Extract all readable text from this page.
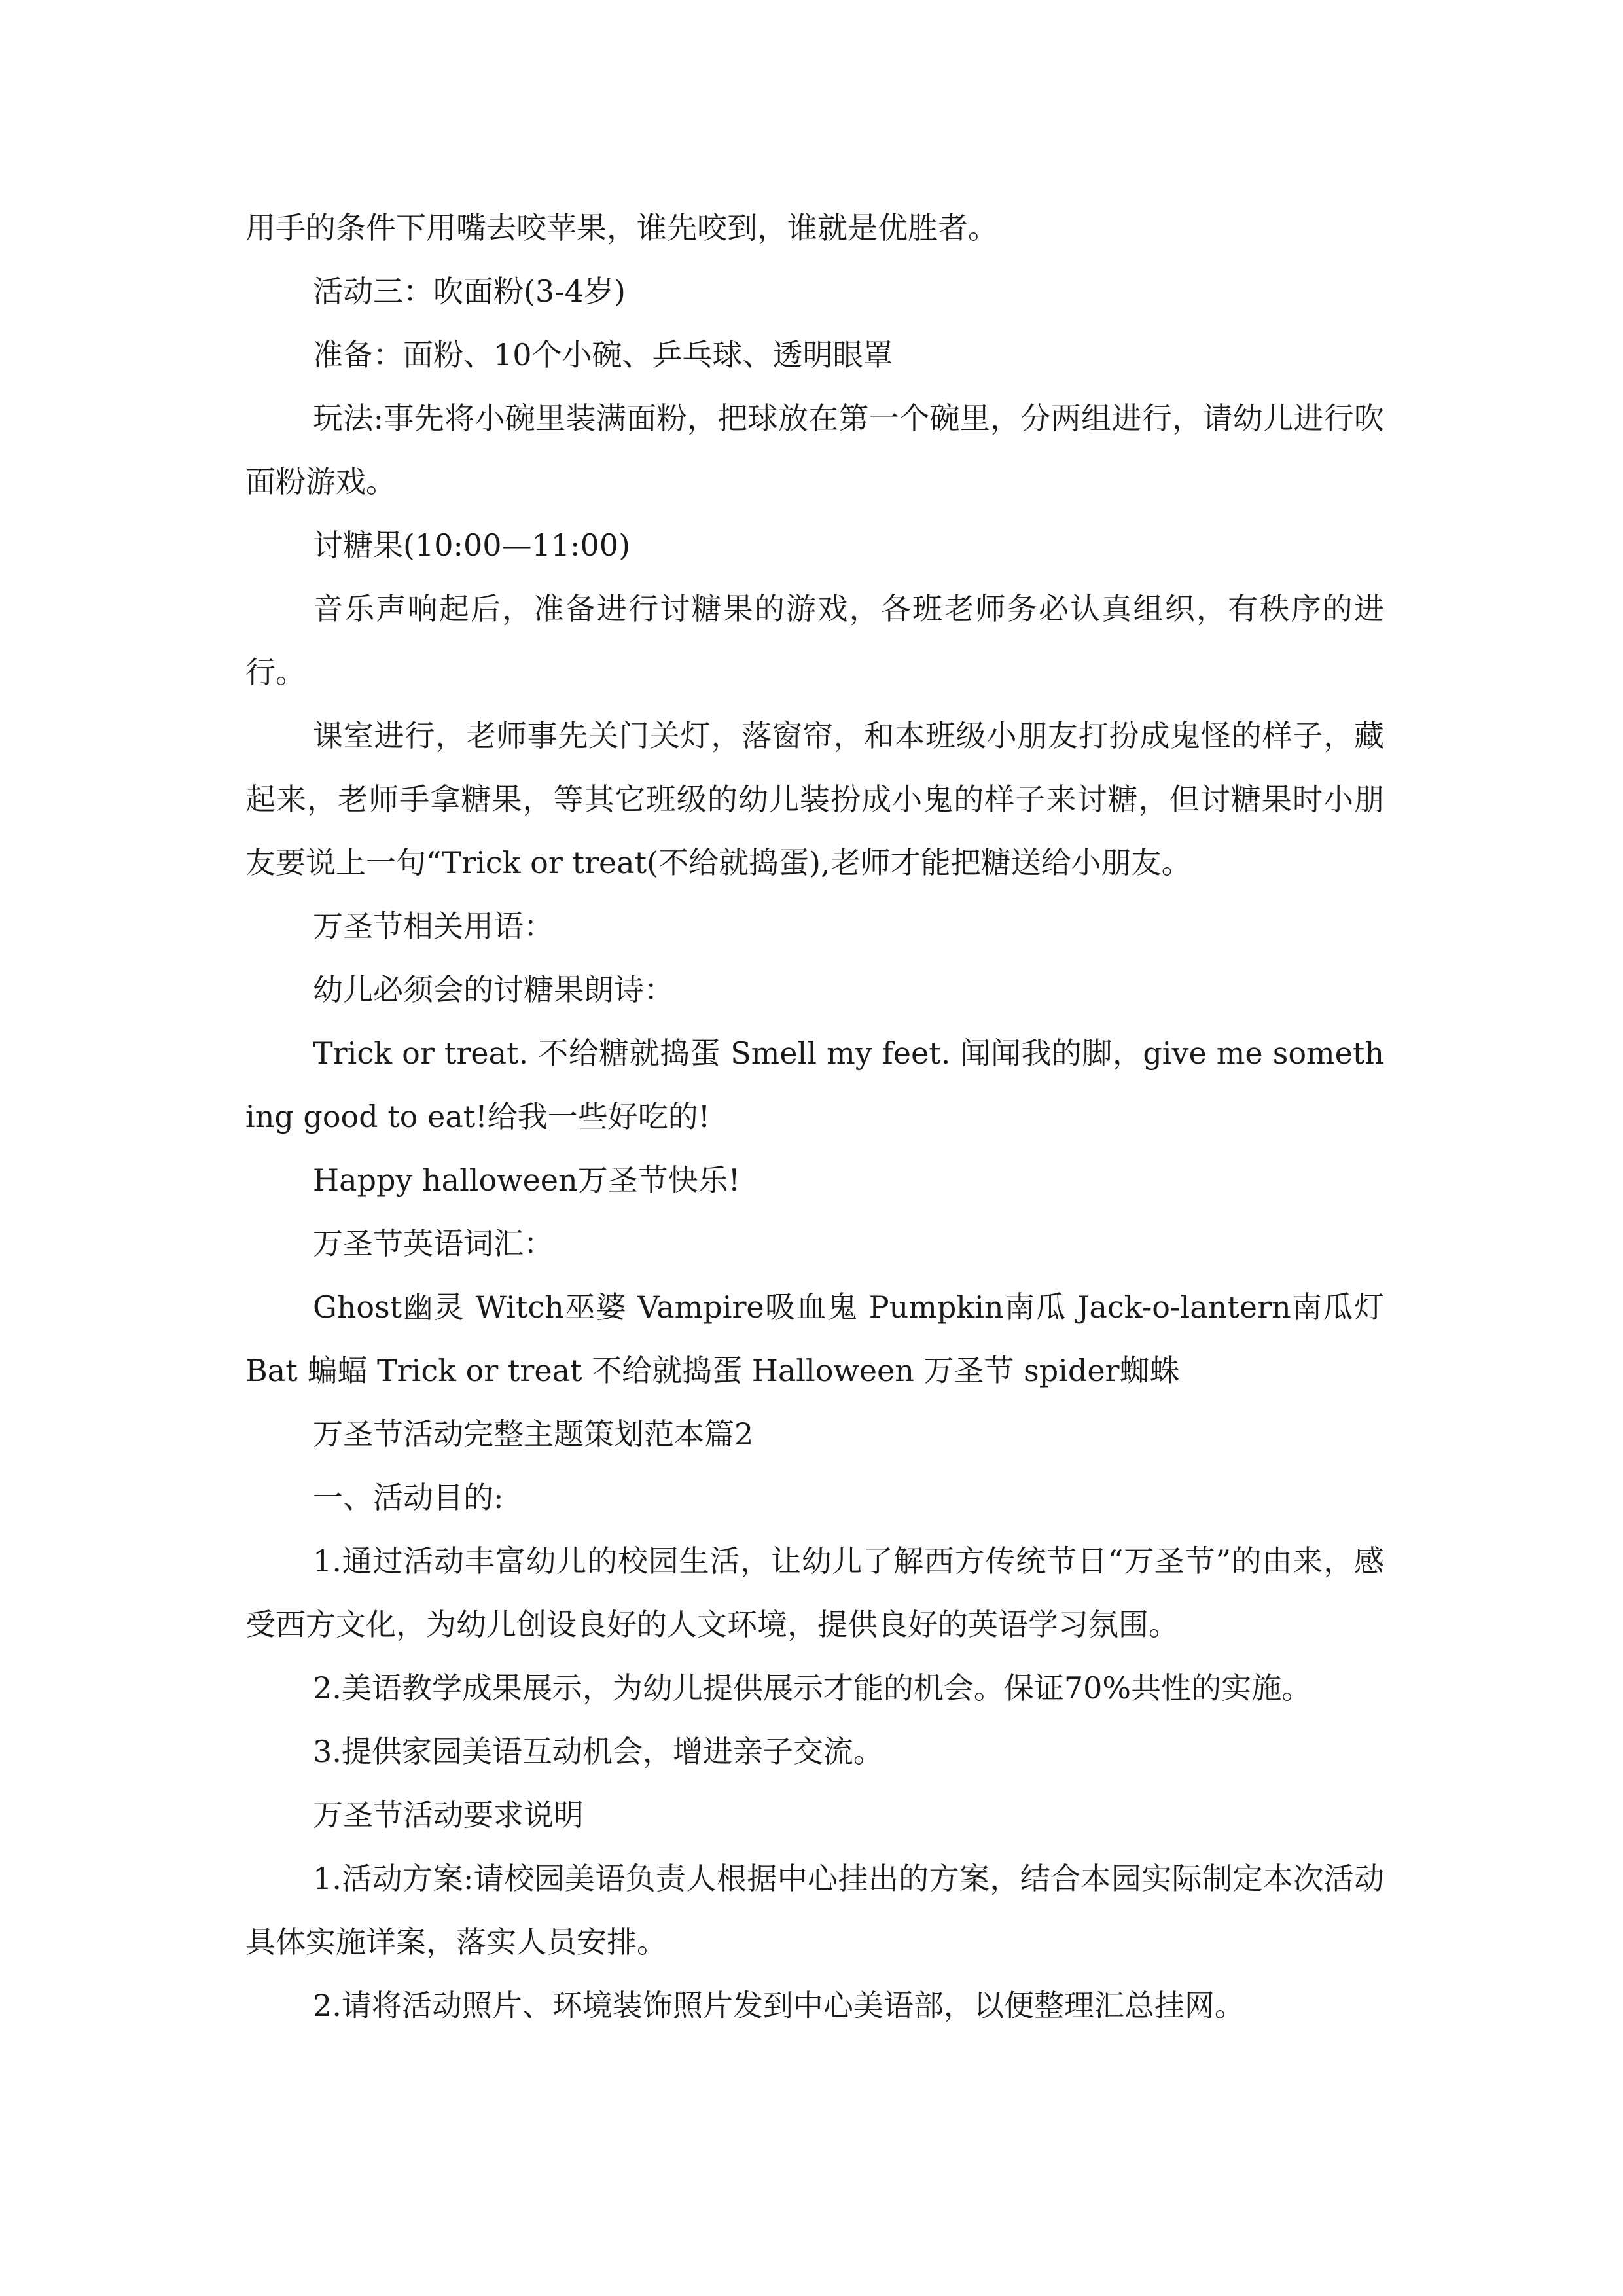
用手的条件下用嘴去咬苹果，谁先咬到，谁就是优胜者。

活动三：吹面粉(3-4岁)

准备：面粉、10个小碗、乒乓球、透明眼罩

玩法:事先将小碗里装满面粉，把球放在第一个碗里，分两组进行，请幼儿进行吹面粉游戏。

讨糖果(10:00—11:00)

音乐声响起后，准备进行讨糖果的游戏，各班老师务必认真组织，有秩序的进行。

课室进行，老师事先关门关灯，落窗帘，和本班级小朋友打扮成鬼怪的样子，藏起来，老师手拿糖果，等其它班级的幼儿装扮成小鬼的样子来讨糖，但讨糖果时小朋友要说上一句“Trick or treat(不给就捣蛋),老师才能把糖送给小朋友。

万圣节相关用语：

幼儿必须会的讨糖果朗诗：

Trick or treat. 不给糖就捣蛋 Smell my feet. 闻闻我的脚，give me something good to eat!给我一些好吃的!

Happy halloween万圣节快乐!

万圣节英语词汇：

Ghost幽灵 Witch巫婆 Vampire吸血鬼 Pumpkin南瓜 Jack-o-lantern南瓜灯 Bat 蝙蝠 Trick or treat 不给就捣蛋 Halloween 万圣节 spider蜘蛛

万圣节活动完整主题策划范本篇2

一、活动目的:

1.通过活动丰富幼儿的校园生活，让幼儿了解西方传统节日“万圣节”的由来，感受西方文化，为幼儿创设良好的人文环境，提供良好的英语学习氛围。

2.美语教学成果展示，为幼儿提供展示才能的机会。保证70%共性的实施。

3.提供家园美语互动机会，增进亲子交流。

万圣节活动要求说明

1.活动方案:请校园美语负责人根据中心挂出的方案，结合本园实际制定本次活动具体实施详案，落实人员安排。

2.请将活动照片、环境装饰照片发到中心美语部，以便整理汇总挂网。
